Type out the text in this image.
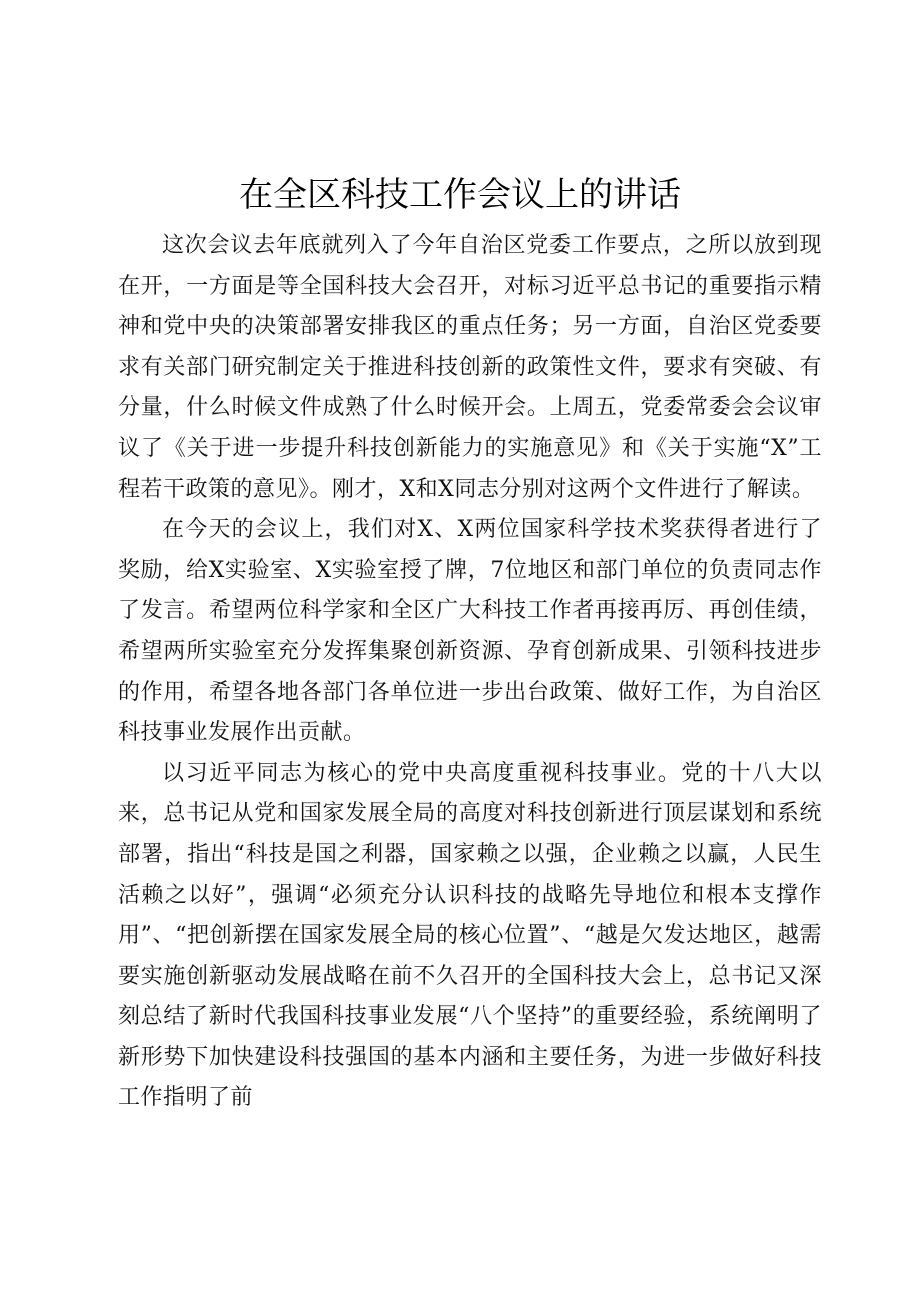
在全区科技工作会议上的讲话

这次会议去年底就列入了今年自治区党委工作要点，之所以放到现在开，一方面是等全国科技大会召开，对标习近平总书记的重要指示精神和党中央的决策部署安排我区的重点任务；另一方面，自治区党委要求有关部门研究制定关于推进科技创新的政策性文件，要求有突破、有分量，什么时候文件成熟了什么时候开会。上周五，党委常委会会议审议了《关于进一步提升科技创新能力的实施意见》和《关于实施“X”工程若干政策的意见》。刚才，X和X同志分别对这两个文件进行了解读。

在今天的会议上，我们对X、X两位国家科学技术奖获得者进行了奖励，给X实验室、X实验室授了牌，7位地区和部门单位的负责同志作了发言。希望两位科学家和全区广大科技工作者再接再厉、再创佳绩，希望两所实验室充分发挥集聚创新资源、孕育创新成果、引领科技进步的作用，希望各地各部门各单位进一步出台政策、做好工作，为自治区科技事业发展作出贡献。

以习近平同志为核心的党中央高度重视科技事业。党的十八大以来，总书记从党和国家发展全局的高度对科技创新进行顶层谋划和系统部署，指出“科技是国之利器，国家赖之以强，企业赖之以赢，人民生活赖之以好”，强调“必须充分认识科技的战略先导地位和根本支撑作用”、“把创新摆在国家发展全局的核心位置”、“越是欠发达地区，越需要实施创新驱动发展战略在前不久召开的全国科技大会上，总书记又深刻总结了新时代我国科技事业发展“八个坚持”的重要经验，系统阐明了新形势下加快建设科技强国的基本内涵和主要任务，为进一步做好科技工作指明了前
